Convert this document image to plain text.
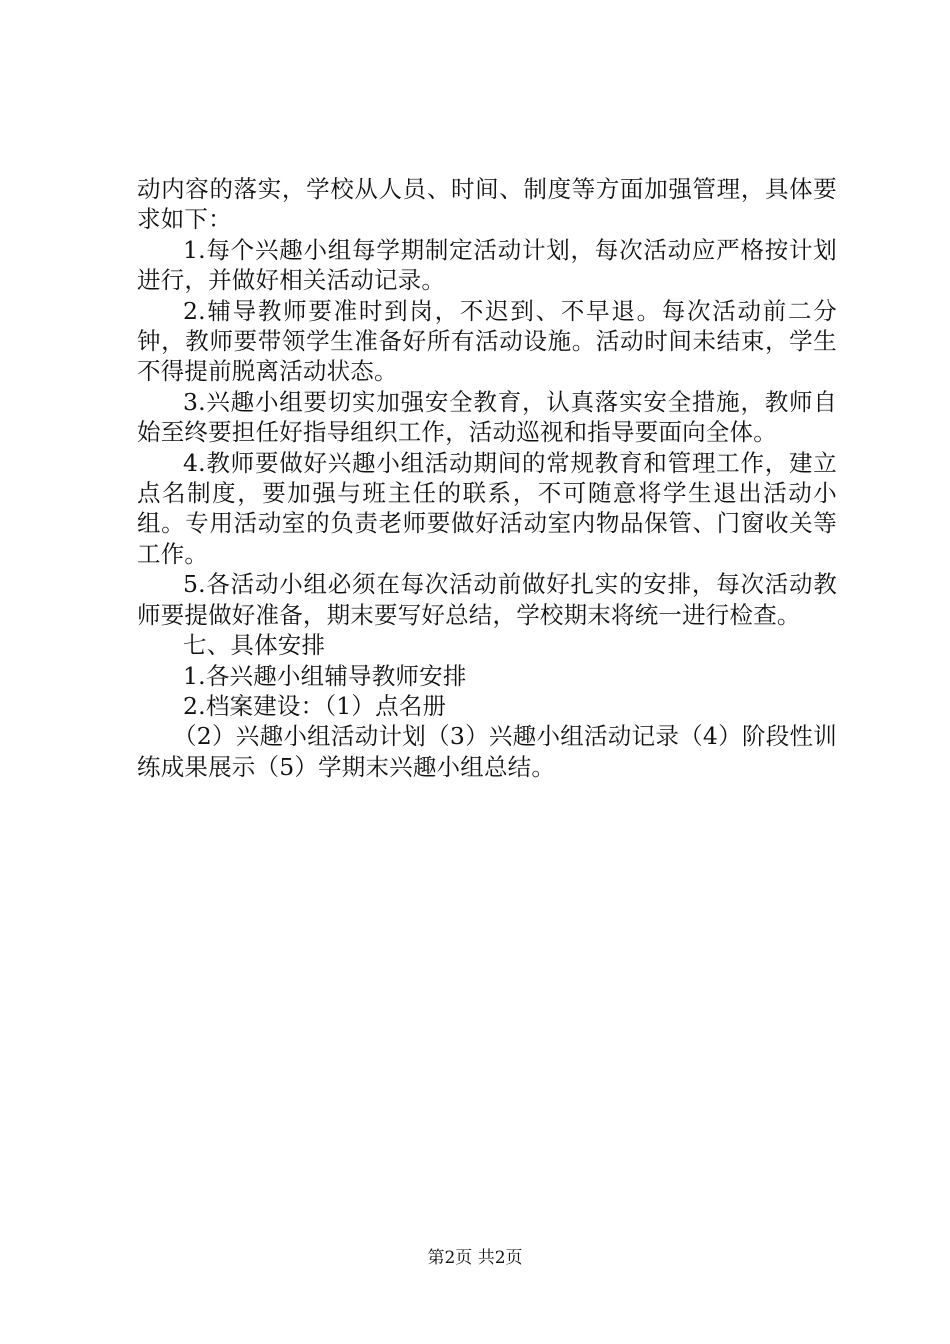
动内容的落实，学校从人员、时间、制度等方面加强管理，具体要求如下：

1.每个兴趣小组每学期制定活动计划，每次活动应严格按计划进行，并做好相关活动记录。

2.辅导教师要准时到岗，不迟到、不早退。每次活动前二分钟，教师要带领学生准备好所有活动设施。活动时间未结束，学生不得提前脱离活动状态。

3.兴趣小组要切实加强安全教育，认真落实安全措施，教师自始至终要担任好指导组织工作，活动巡视和指导要面向全体。

4.教师要做好兴趣小组活动期间的常规教育和管理工作，建立点名制度，要加强与班主任的联系，不可随意将学生退出活动小组。专用活动室的负责老师要做好活动室内物品保管、门窗收关等工作。

5.各活动小组必须在每次活动前做好扎实的安排，每次活动教师要提做好准备，期末要写好总结，学校期末将统一进行检查。

七、具体安排

1.各兴趣小组辅导教师安排

2.档案建设：（1）点名册

（2）兴趣小组活动计划（3）兴趣小组活动记录（4）阶段性训练成果展示（5）学期末兴趣小组总结。

第2页 共2页
